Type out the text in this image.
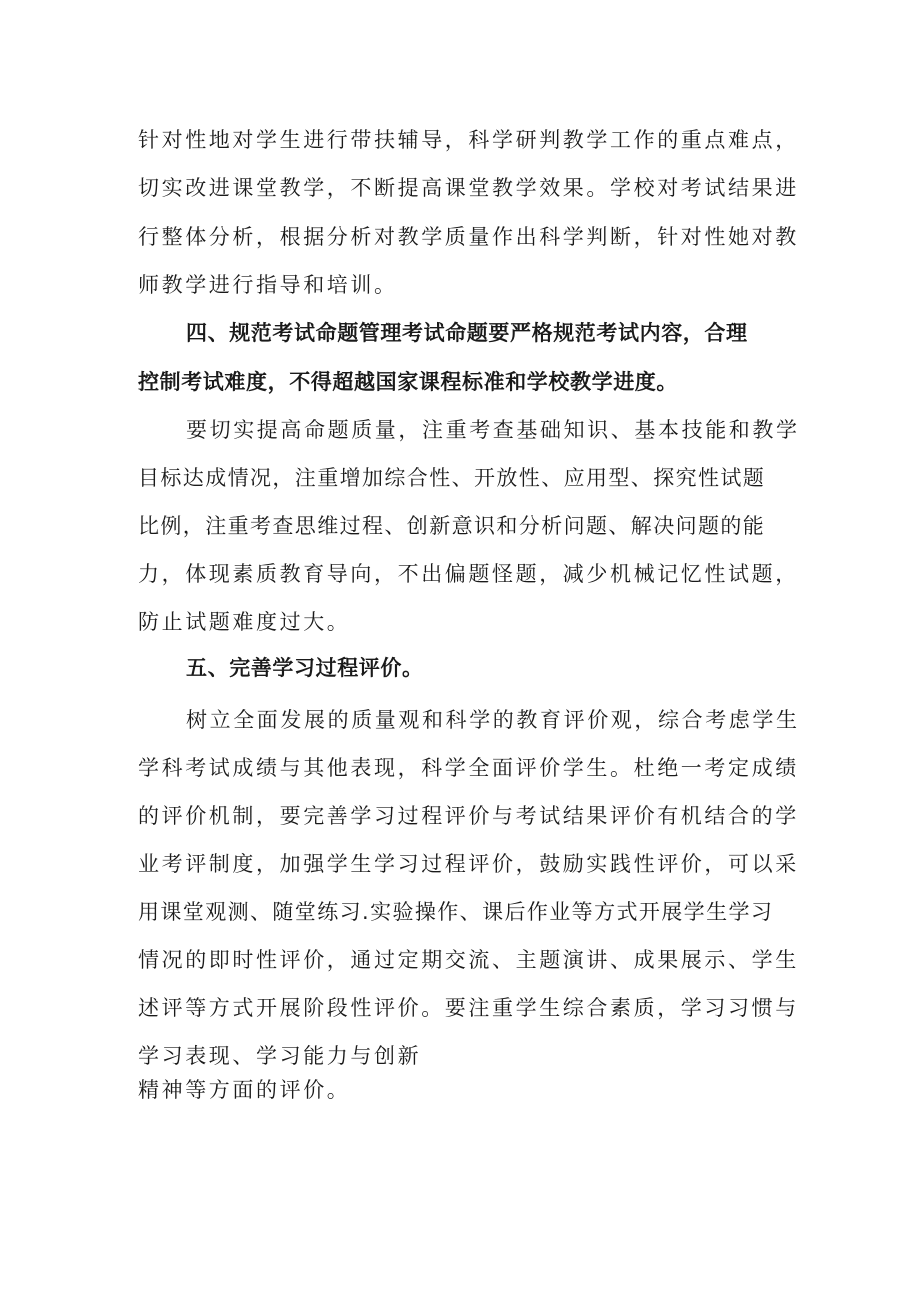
针对性地对学生进行带扶辅导，科学研判教学工作的重点难点，
切实改进课堂教学，不断提高课堂教学效果。学校对考试结果进
行整体分析，根据分析对教学质量作出科学判断，针对性她对教
师教学进行指导和培训。
四、规范考试命题管理考试命题要严格规范考试内容，合理
控制考试难度，不得超越国家课程标准和学校教学进度。
要切实提高命题质量，注重考查基础知识、基本技能和教学
目标达成情况，注重增加综合性、开放性、应用型、探究性试题
比例，注重考查思维过程、创新意识和分析问题、解决问题的能
力，体现素质教育导向，不出偏题怪题，减少机械记忆性试题，
防止试题难度过大。
五、完善学习过程评价。
树立全面发展的质量观和科学的教育评价观，综合考虑学生
学科考试成绩与其他表现，科学全面评价学生。杜绝一考定成绩
的评价机制，要完善学习过程评价与考试结果评价有机结合的学
业考评制度，加强学生学习过程评价，鼓励实践性评价，可以采
用课堂观测、随堂练习.实验操作、课后作业等方式开展学生学习
情况的即时性评价，通过定期交流、主题演讲、成果展示、学生
述评等方式开展阶段性评价。要注重学生综合素质，学习习惯与
学习表现、学习能力与创新
精神等方面的评价。
